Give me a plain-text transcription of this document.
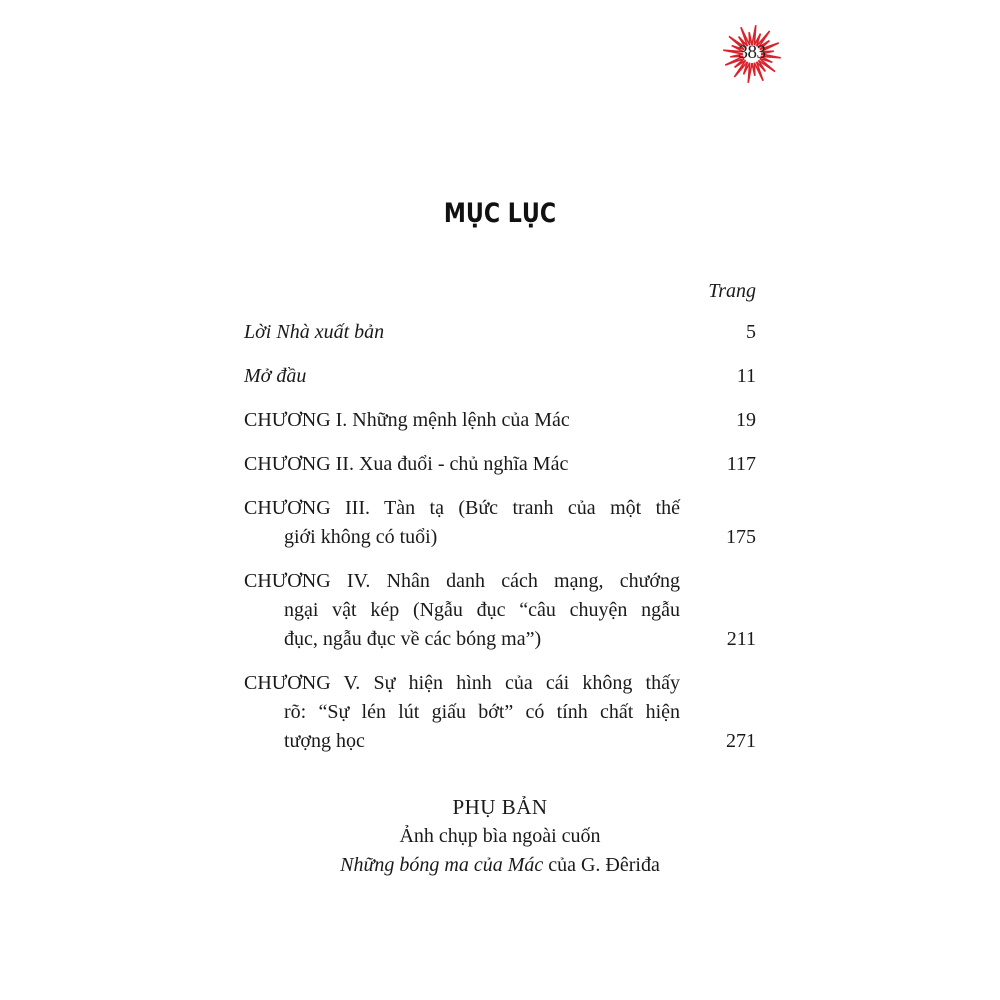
383
MỤC LỤC
Trang
Lời Nhà xuất bản	5
Mở đầu	11
CHƯƠNG I. Những mệnh lệnh của Mác	19
CHƯƠNG II. Xua đuổi - chủ nghĩa Mác	117
CHƯƠNG III. Tàn tạ (Bức tranh của một thế
giới không có tuổi)	175
CHƯƠNG IV. Nhân danh cách mạng, chướng
ngại vật kép (Ngẫu đục “câu chuyện ngẫu
đục, ngẫu đục về các bóng ma”)	211
CHƯƠNG V. Sự hiện hình của cái không thấy
rõ: “Sự lén lút giấu bớt” có tính chất hiện
tượng học	271
PHỤ BẢN
Ảnh chụp bìa ngoài cuốn
Những bóng ma của Mác của G. Đêriđa
